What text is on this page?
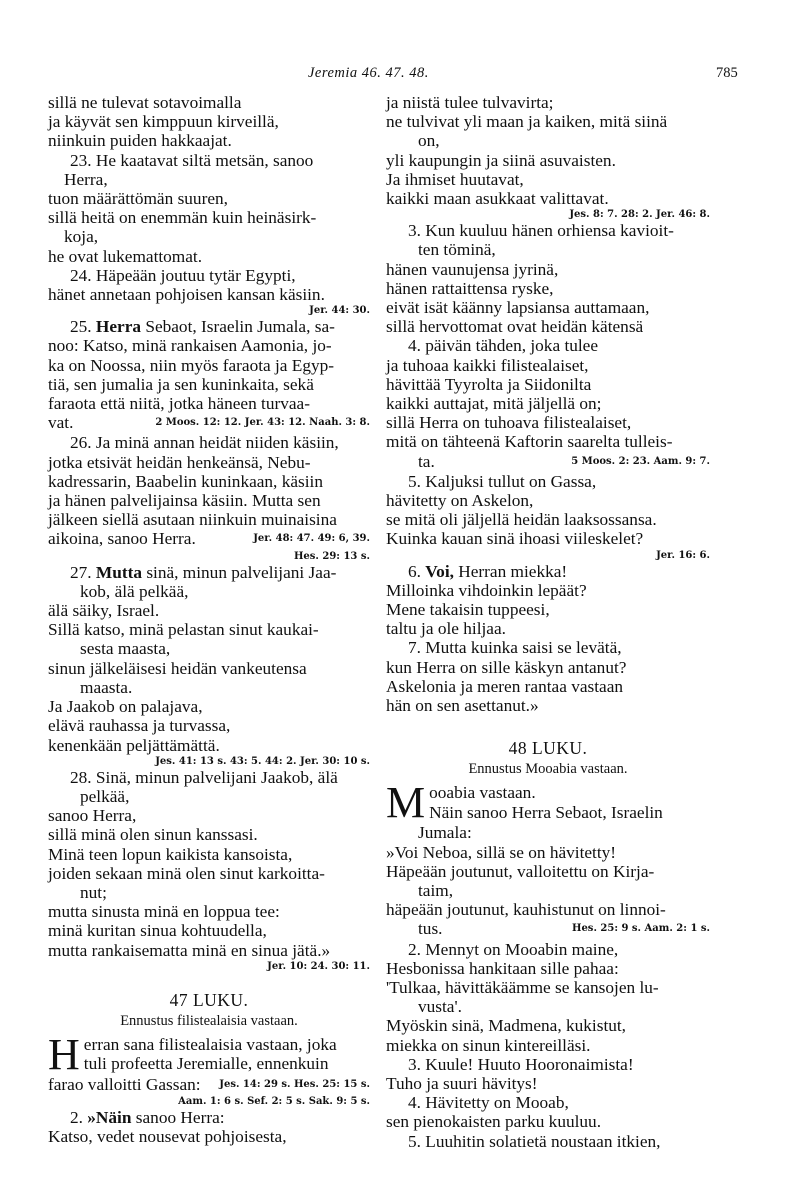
Jeremia 46. 47. 48.	785
sillä ne tulevat sotavoimalla
ja käyvät sen kimppuun kirveillä,
niinkuin puiden hakkaajat.
23. He kaatavat siltä metsän, sanoo
Herra,
tuon määrättömän suuren,
sillä heitä on enemmän kuin heinäsirk-
koja,
he ovat lukemattomat.
24. Häpeään joutuu tytär Egypti,
hänet annetaan pohjoisen kansan käsiin.
Jer. 44: 30.
25. Herra Sebaot, Israelin Jumala, sa-
noo: Katso, minä rankaisen Aamonia, jo-
ka on Noossa, niin myös faraota ja Egyp-
tiä, sen jumalia ja sen kuninkaita, sekä
faraota että niitä, jotka häneen turvaa-
vat.	2 Moos. 12: 12. Jer. 43: 12. Naah. 3: 8.
26. Ja minä annan heidät niiden käsiin,
jotka etsivät heidän henkeänsä, Nebu-
kadressarin, Baabelin kuninkaan, käsiin
ja hänen palvelijainsa käsiin. Mutta sen
jälkeen siellä asutaan niinkuin muinaisina
aikoina, sanoo Herra.	Jer. 48: 47. 49: 6, 39.
Hes. 29: 13 s.
27. Mutta sinä, minun palvelijani Jaa-
kob, älä pelkää,
älä säiky, Israel.
Sillä katso, minä pelastan sinut kaukai-
sesta maasta,
sinun jälkeläisesi heidän vankeutensa
maasta.
Ja Jaakob on palajava,
elävä rauhassa ja turvassa,
kenenkään peljättämättä.
Jes. 41: 13 s. 43: 5. 44: 2. Jer. 30: 10 s.
28. Sinä, minun palvelijani Jaakob, älä
pelkää,
sanoo Herra,
sillä minä olen sinun kanssasi.
Minä teen lopun kaikista kansoista,
joiden sekaan minä olen sinut karkoitta-
nut;
mutta sinusta minä en loppua tee:
minä kuritan sinua kohtuudella,
mutta rankaisematta minä en sinua jätä.»
Jer. 10: 24. 30: 11.
47 LUKU.
Ennustus filistealaisia vastaan.
H erran sana filistealaisia vastaan, joka
tuli profeetta Jeremialle, ennenkuin
farao valloitti Gassan: Jes. 14: 29 s. Hes. 25: 15 s.
Aam. 1: 6 s. Sef. 2: 5 s. Sak. 9: 5 s.
2. »Näin sanoo Herra:
Katso, vedet nousevat pohjoisesta,
ja niistä tulee tulvavirta;
ne tulvivat yli maan ja kaiken, mitä siinä
on,
yli kaupungin ja siinä asuvaisten.
Ja ihmiset huutavat,
kaikki maan asukkaat valittavat.
Jes. 8: 7. 28: 2. Jer. 46: 8.
3. Kun kuuluu hänen orhiensa kavioit-
ten töminä,
hänen vaunujensa jyrinä,
hänen rattaittensa ryske,
eivät isät käänny lapsiansa auttamaan,
sillä hervottomat ovat heidän kätensä
4. päivän tähden, joka tulee
ja tuhoaa kaikki filistealaiset,
hävittää Tyyrolta ja Siidonilta
kaikki auttajat, mitä jäljellä on;
sillä Herra on tuhoava filistealaiset,
mitä on tähteenä Kaftorin saarelta tulleis-
ta.	5 Moos. 2: 23. Aam. 9: 7.
5. Kaljuksi tullut on Gassa,
hävitetty on Askelon,
se mitä oli jäljellä heidän laaksossansa.
Kuinka kauan sinä ihoasi viileskelet?
Jer. 16: 6.
6. Voi, Herran miekka!
Milloinka vihdoinkin lepäät?
Mene takaisin tuppeesi,
taltu ja ole hiljaa.
7. Mutta kuinka saisi se levätä,
kun Herra on sille käskyn antanut?
Askelonia ja meren rantaa vastaan
hän on sen asettanut.»
48 LUKU.
Ennustus Mooabia vastaan.
M ooabia vastaan.
Näin sanoo Herra Sebaot, Israelin
Jumala:
»Voi Neboa, sillä se on hävitetty!
Häpeään joutunut, valloitettu on Kirja-
taim,
häpeään joutunut, kauhistunut on linnoi-
tus.	Hes. 25: 9 s. Aam. 2: 1 s.
2. Mennyt on Mooabin maine,
Hesbonissa hankitaan sille pahaa:
'Tulkaa, hävittäkäämme se kansojen lu-
vusta'.
Myöskin sinä, Madmena, kukistut,
miekka on sinun kintereilläsi.
3. Kuule! Huuto Hooronaimista!
Tuho ja suuri hävitys!
4. Hävitetty on Mooab,
sen pienokaisten parku kuuluu.
5. Luuhitin solatietä noustaan itkien,
